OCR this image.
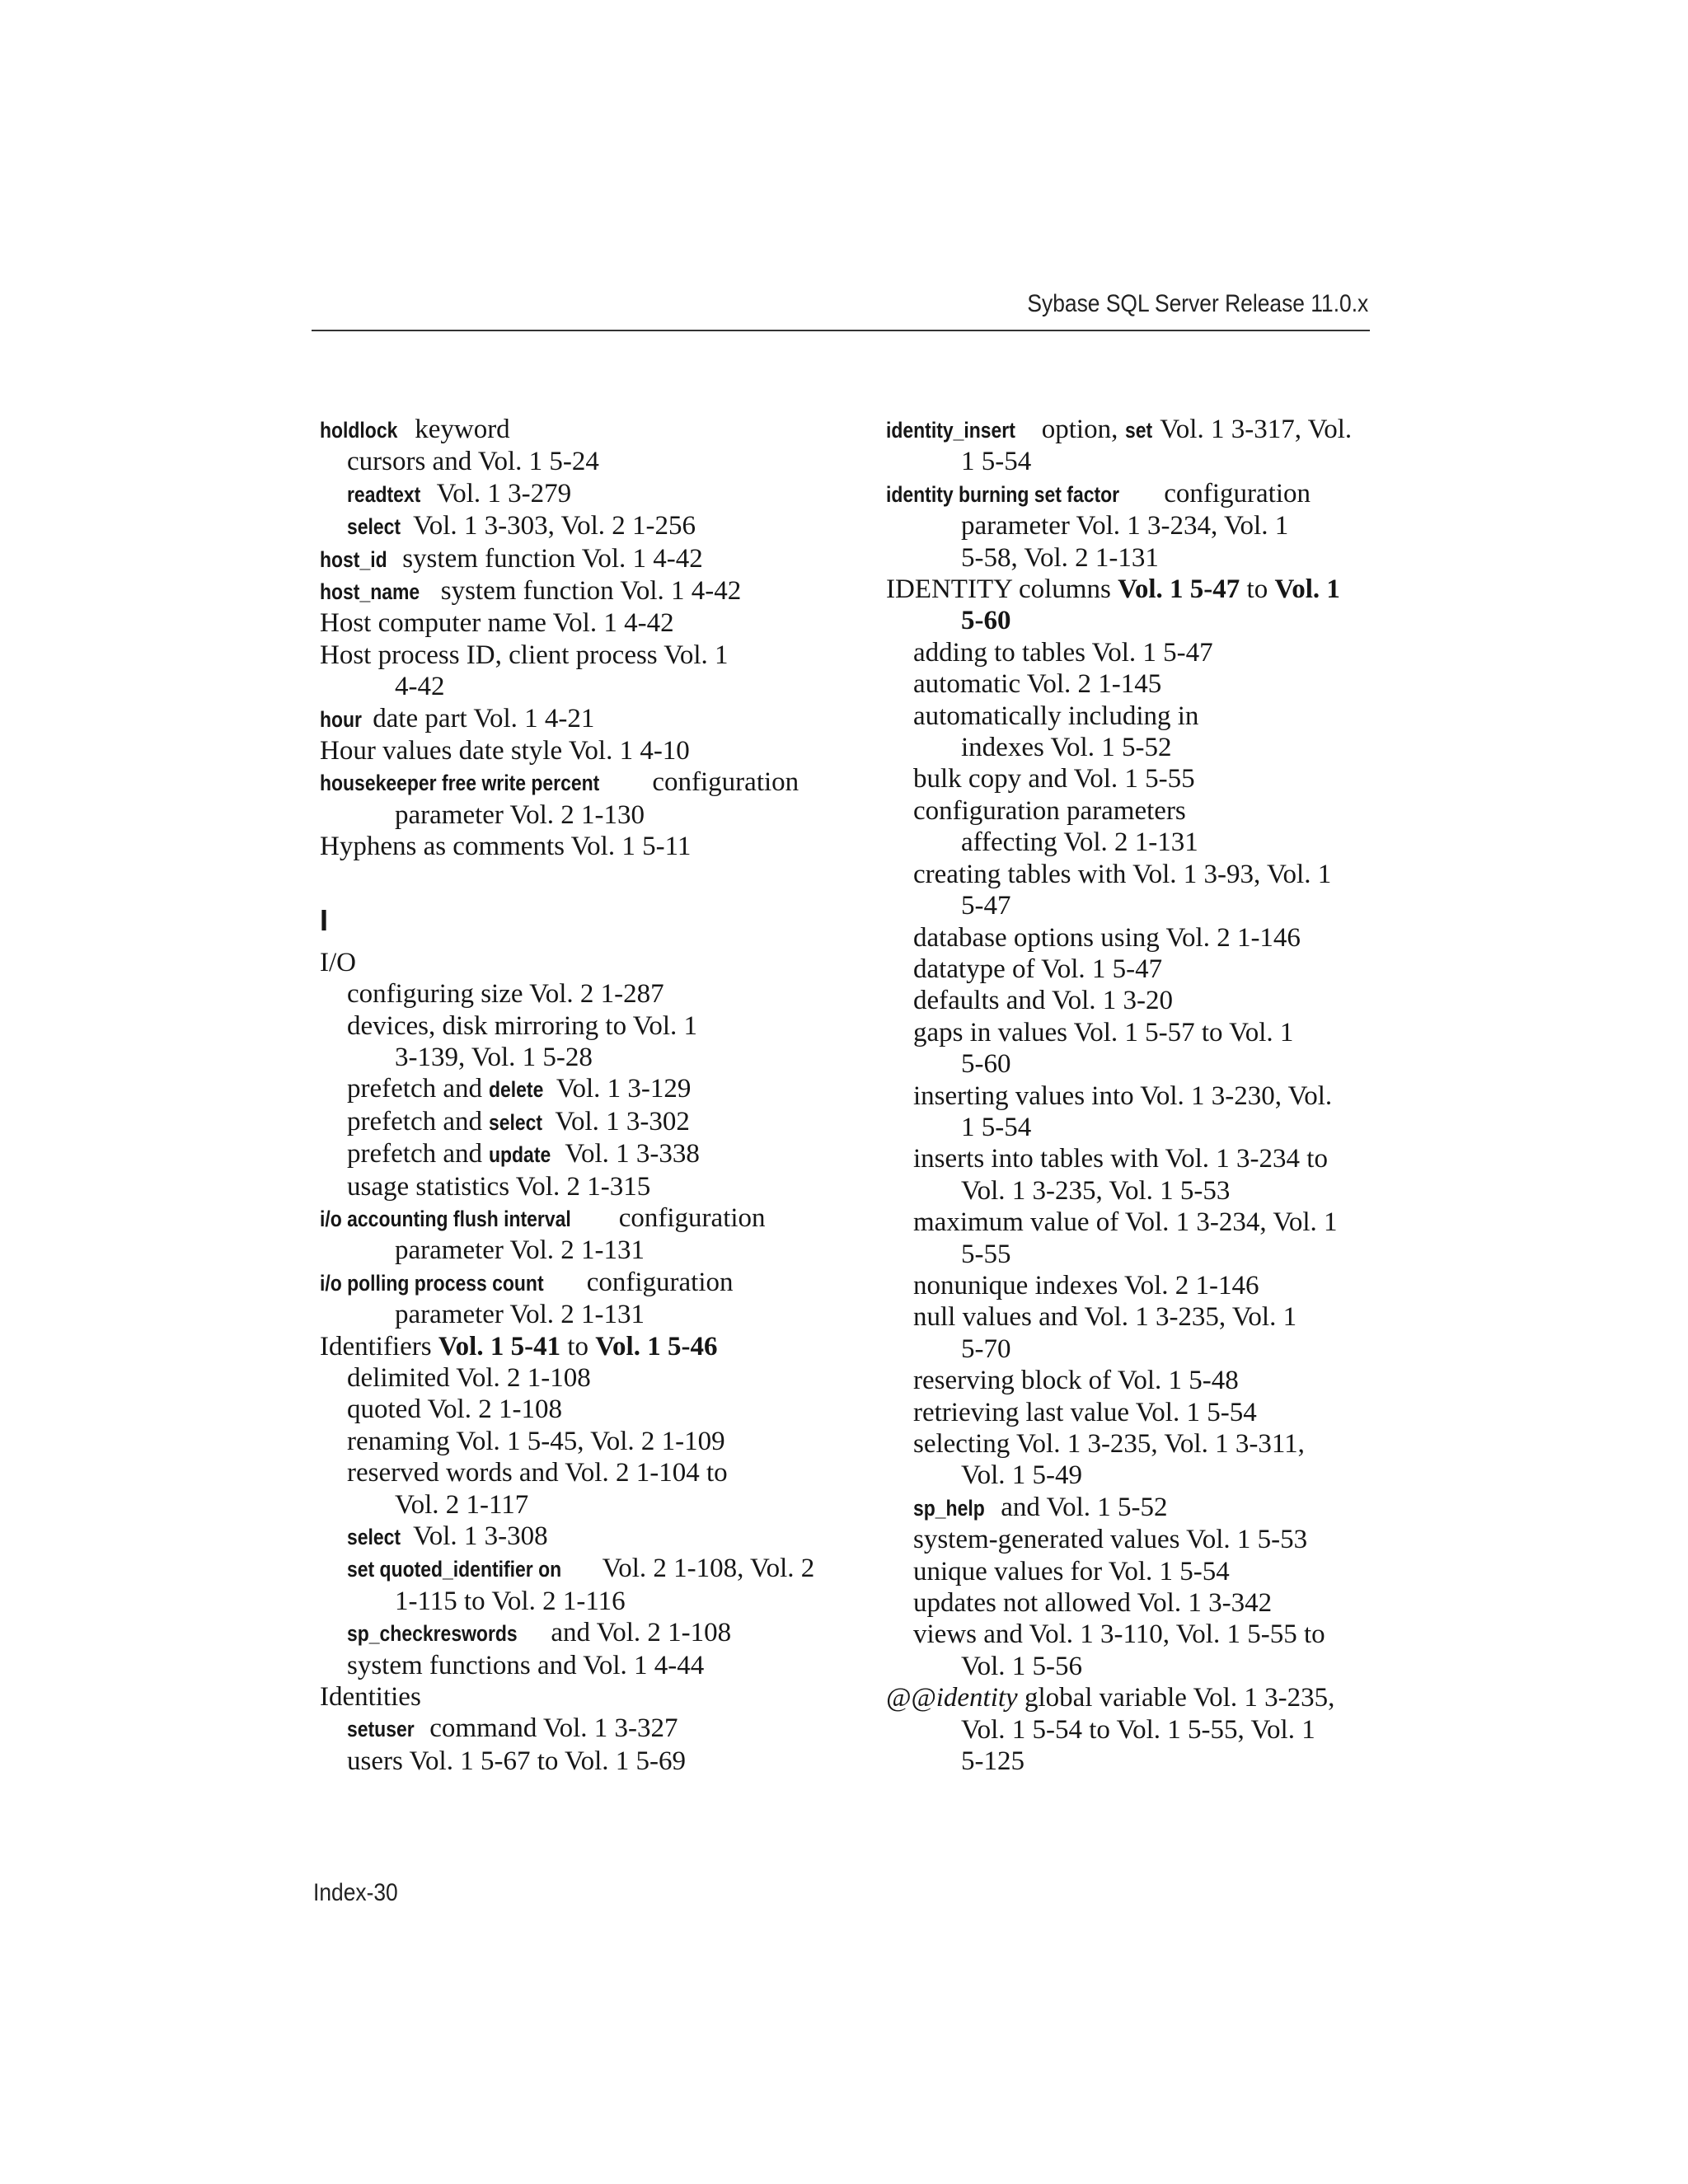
Sybase SQL Server Release 11.0.x
holdlock keyword
cursors and Vol. 1 5-24
readtext Vol. 1 3-279
select Vol. 1 3-303, Vol. 2 1-256
host_id system function Vol. 1 4-42
host_name system function Vol. 1 4-42
Host computer name Vol. 1 4-42
Host process ID, client process Vol. 1
4-42
hour date part Vol. 1 4-21
Hour values date style Vol. 1 4-10
housekeeper free write percent configuration
parameter Vol. 2 1-130
Hyphens as comments Vol. 1 5-11
I
I/O
configuring size Vol. 2 1-287
devices, disk mirroring to Vol. 1
3-139, Vol. 1 5-28
prefetch and delete Vol. 1 3-129
prefetch and select Vol. 1 3-302
prefetch and update Vol. 1 3-338
usage statistics Vol. 2 1-315
i/o accounting flush interval configuration
parameter Vol. 2 1-131
i/o polling process count configuration
parameter Vol. 2 1-131
Identifiers Vol. 1 5-41 to Vol. 1 5-46
delimited Vol. 2 1-108
quoted Vol. 2 1-108
renaming Vol. 1 5-45, Vol. 2 1-109
reserved words and Vol. 2 1-104 to
Vol. 2 1-117
select Vol. 1 3-308
set quoted_identifier on Vol. 2 1-108, Vol. 2
1-115 to Vol. 2 1-116
sp_checkreswords and Vol. 2 1-108
system functions and Vol. 1 4-44
Identities
setuser command Vol. 1 3-327
users Vol. 1 5-67 to Vol. 1 5-69
identity_insert option, set Vol. 1 3-317, Vol.
1 5-54
identity burning set factor configuration
parameter Vol. 1 3-234, Vol. 1
5-58, Vol. 2 1-131
IDENTITY columns Vol. 1 5-47 to Vol. 1
5-60
adding to tables Vol. 1 5-47
automatic Vol. 2 1-145
automatically including in
indexes Vol. 1 5-52
bulk copy and Vol. 1 5-55
configuration parameters
affecting Vol. 2 1-131
creating tables with Vol. 1 3-93, Vol. 1
5-47
database options using Vol. 2 1-146
datatype of Vol. 1 5-47
defaults and Vol. 1 3-20
gaps in values Vol. 1 5-57 to Vol. 1
5-60
inserting values into Vol. 1 3-230, Vol.
1 5-54
inserts into tables with Vol. 1 3-234 to
Vol. 1 3-235, Vol. 1 5-53
maximum value of Vol. 1 3-234, Vol. 1
5-55
nonunique indexes Vol. 2 1-146
null values and Vol. 1 3-235, Vol. 1
5-70
reserving block of Vol. 1 5-48
retrieving last value Vol. 1 5-54
selecting Vol. 1 3-235, Vol. 1 3-311,
Vol. 1 5-49
sp_help and Vol. 1 5-52
system-generated values Vol. 1 5-53
unique values for Vol. 1 5-54
updates not allowed Vol. 1 3-342
views and Vol. 1 3-110, Vol. 1 5-55 to
Vol. 1 5-56
@@identity global variable Vol. 1 3-235,
Vol. 1 5-54 to Vol. 1 5-55, Vol. 1
5-125
Index-30
